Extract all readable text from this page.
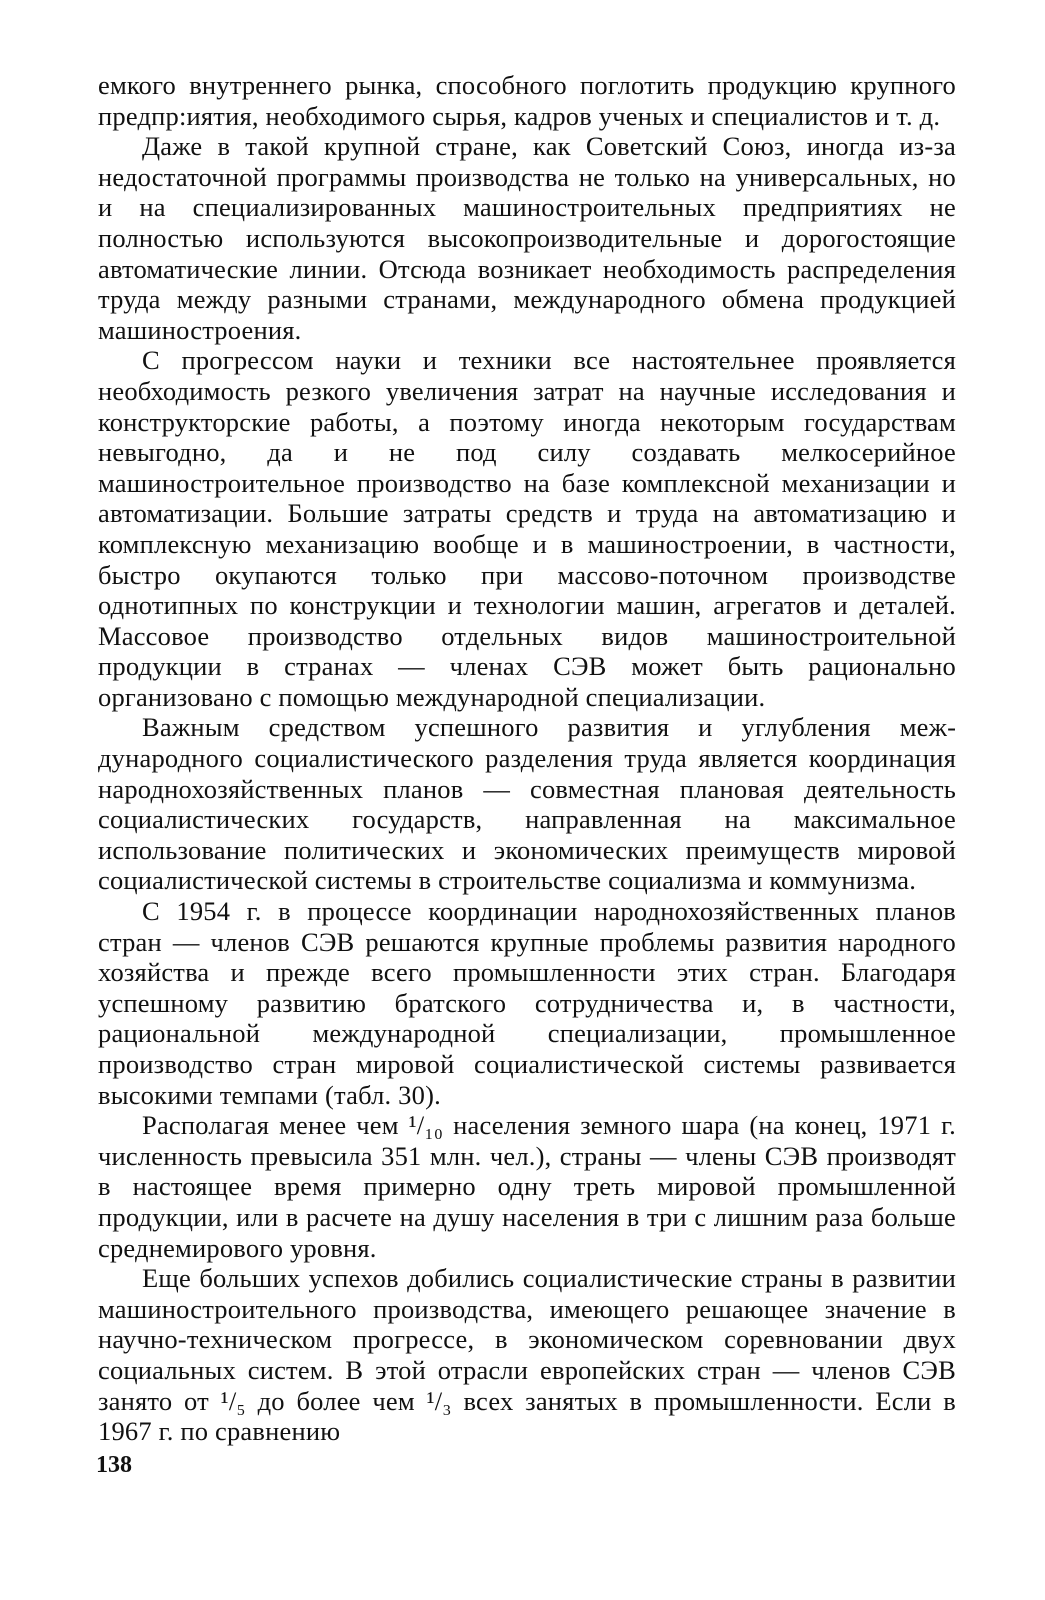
емкого внутреннего рынка, способного поглотить продукцию крупного предпр:иятия, необходимого сырья, кадров ученых и специалистов и т. д.

Даже в такой крупной стране, как Советский Союз, иногда из-за недостаточной программы производства не только на универсальных, но и на специализированных машиностроительных предприятиях не полностью используются высокопроизводительные и дорогостоящие автоматические линии. Отсюда возникает необходимость распределения труда между разными странами, международного обмена продукцией машиностроения.

С прогрессом науки и техники все настоятельнее проявляется необходимость резкого увеличения затрат на научные исследования и конструкторские работы, а поэтому иногда некоторым государствам невыгодно, да и не под силу создавать мелкосерийное машиностроительное производство на базе комплексной механизации и автоматизации. Большие затраты средств и труда на автоматизацию и комплексную механизацию вообще и в машиностроении, в частности, быстро окупаются только при массово-поточном производстве однотипных по конструкции и технологии машин, агрегатов и деталей. Массовое производство отдельных видов машиностроительной продукции в странах — членах СЭВ может быть рационально организовано с помощью международной специализации.

Важным средством успешного развития и углубления международного социалистического разделения труда является координация народнохозяйственных планов — совместная плановая деятельность социалистических государств, направленная на максимальное использование политических и экономических преимуществ мировой социалистической системы в строительстве социализма и коммунизма.

С 1954 г. в процессе координации народнохозяйственных планов стран — членов СЭВ решаются крупные проблемы развития народного хозяйства и прежде всего промышленности этих стран. Благодаря успешному развитию братского сотрудничества и, в частности, рациональной международной специализации, промышленное производство стран мировой социалистической системы развивается высокими темпами (табл. 30).

Располагая менее чем ¹/₁₀ населения земного шара (на конец, 1971 г. численность превысила 351 млн. чел.), страны — члены СЭВ производят в настоящее время примерно одну треть мировой промышленной продукции, или в расчете на душу населения в три с лишним раза больше среднемирового уровня.

Еще больших успехов добились социалистические страны в развитии машиностроительного производства, имеющего решающее значение в научно-техническом прогрессе, в экономическом соревновании двух социальных систем. В этой отрасли европейских стран — членов СЭВ занято от ¹/₅ до более чем ¹/₃ всех занятых в промышленности. Если в 1967 г. по сравнению

138
